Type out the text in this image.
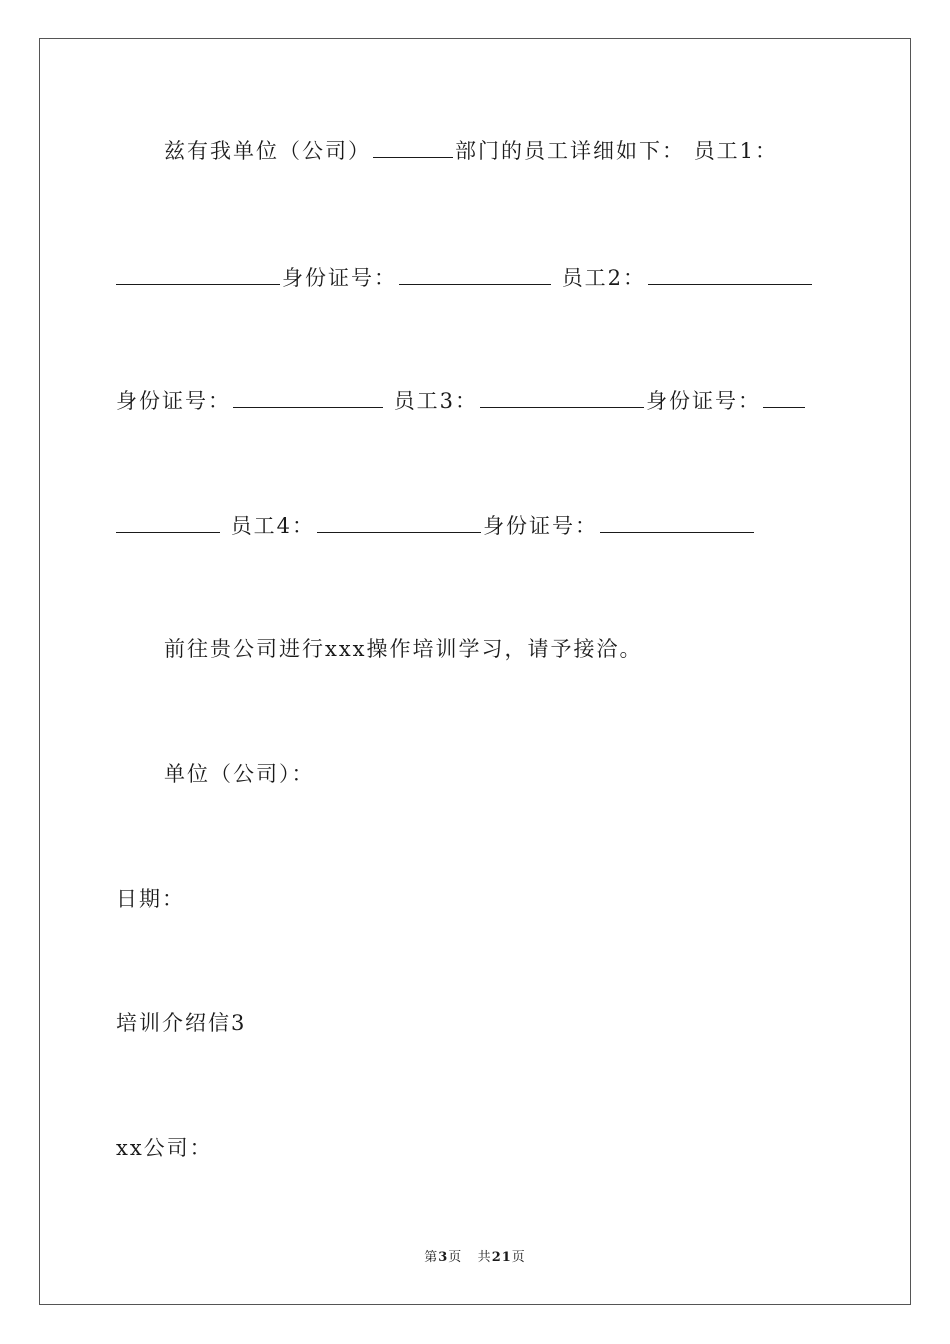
兹有我单位（公司）	部门的员工详细如下： 员工1：
身份证号：	员工2：
身份证号：	员工3：	身份证号：
员工4：	身份证号：
前往贵公司进行xxx操作培训学习，请予接洽。
单位（公司）：
日期：
培训介绍信3
xx公司：
第3页 共21页
